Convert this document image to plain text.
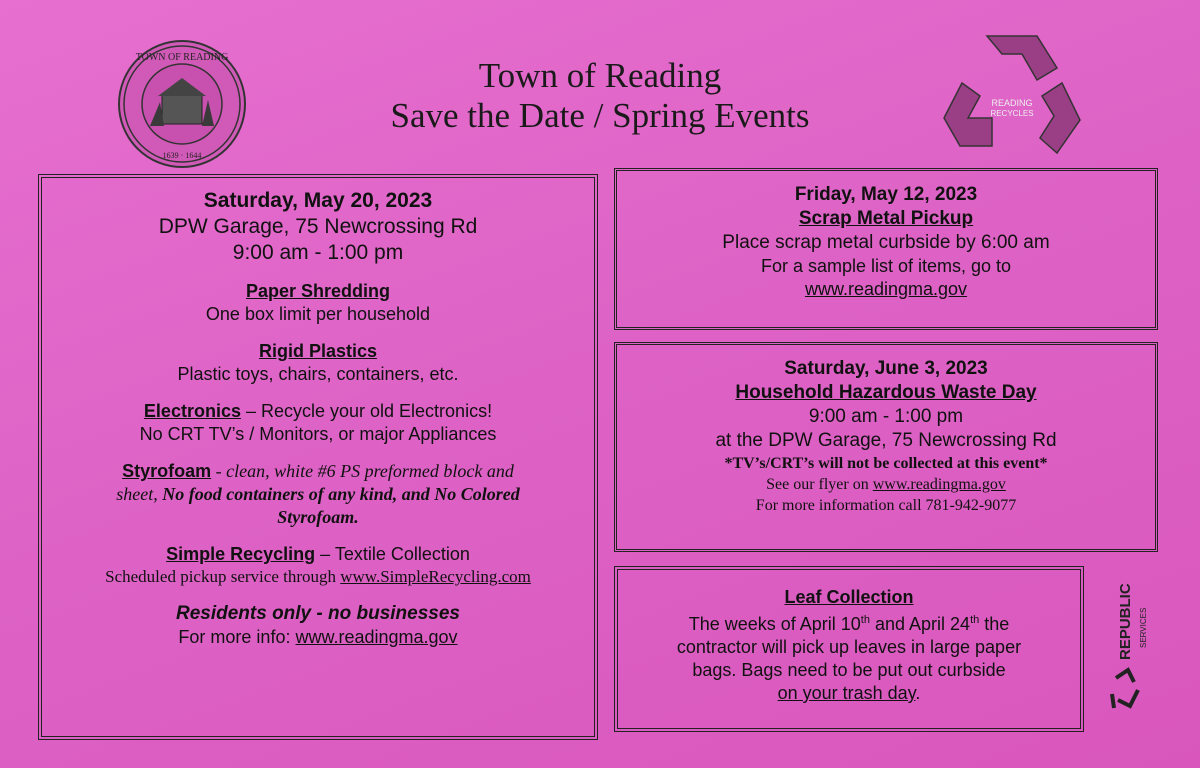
TOWN OF READING
1639 · 1644
Town of Reading
Save the Date / Spring Events	READING
RECYCLES
Saturday, May 20, 2023
DPW Garage, 75 Newcrossing Rd
9:00 am - 1:00 pm
Paper Shredding
One box limit per household
Rigid Plastics
Plastic toys, chairs, containers, etc.
Electronics – Recycle your old Electronics!
No CRT TV’s / Monitors, or major Appliances
Styrofoam - clean, white #6 PS preformed block and
sheet, No food containers of any kind, and No Colored
Styrofoam.
Simple Recycling – Textile Collection
Scheduled pickup service through www.SimpleRecycling.com
Residents only - no businesses
For more info: www.readingma.gov
Friday, May 12, 2023
Scrap Metal Pickup
Place scrap metal curbside by 6:00 am
For a sample list of items, go to
www.readingma.gov
Saturday, June 3, 2023
Household Hazardous Waste Day
9:00 am - 1:00 pm
at the DPW Garage, 75 Newcrossing Rd
*TV’s/CRT’s will not be collected at this event*
See our flyer on www.readingma.gov
For more information call 781-942-9077
Leaf Collection
The weeks of April 10th and April 24th the
contractor will pick up leaves in large paper
bags. Bags need to be put out curbside
on your trash day.
REPUBLIC SERVICES
